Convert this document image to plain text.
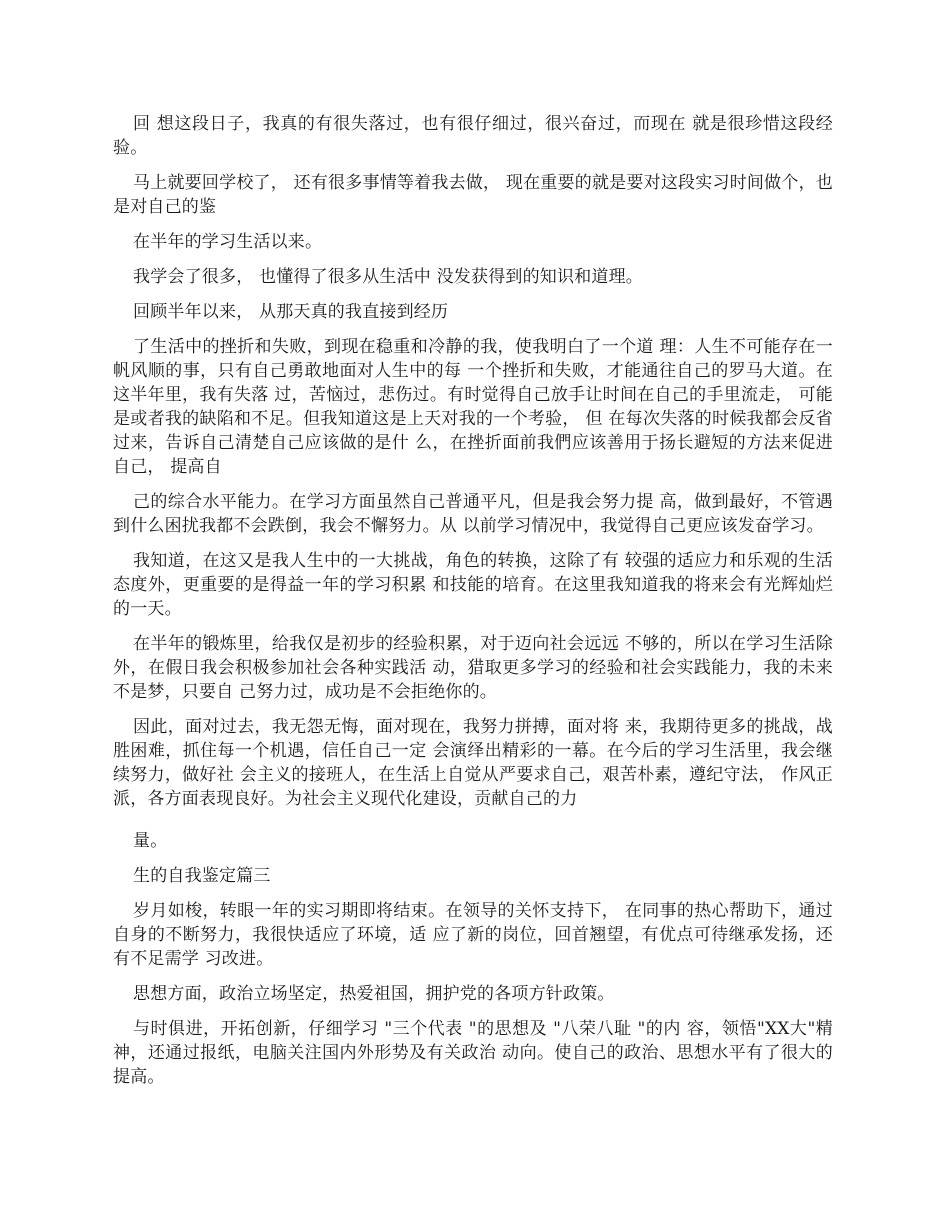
回 想这段日子，我真的有很失落过，也有很仔细过，很兴奋过，而现在 就是很珍惜这段经验。

马上就要回学校了， 还有很多事情等着我去做， 现在重要的就是要对这段实习时间做个，也是对自己的鉴

在半年的学习生活以来。

我学会了很多， 也懂得了很多从生活中 没发获得到的知识和道理。

回顾半年以来， 从那天真的我直接到经历

了生活中的挫折和失败，到现在稳重和冷静的我，使我明白了一个道 理：人生不可能存在一帆风顺的事，只有自己勇敢地面对人生中的每 一个挫折和失败，才能通往自己的罗马大道。在这半年里，我有失落 过，苦恼过，悲伤过。有时觉得自己放手让时间在自己的手里流走， 可能是或者我的缺陷和不足。但我知道这是上天对我的一个考验， 但 在每次失落的时候我都会反省过来，告诉自己清楚自己应该做的是什 么，在挫折面前我們应该善用于扬长避短的方法来促进自己， 提高自

己的综合水平能力。在学习方面虽然自己普通平凡，但是我会努力提 高，做到最好，不管遇到什么困扰我都不会跌倒，我会不懈努力。从 以前学习情况中，我觉得自己更应该发奋学习。

我知道，在这又是我人生中的一大挑战，角色的转换，这除了有 较强的适应力和乐观的生活态度外，更重要的是得益一年的学习积累 和技能的培育。在这里我知道我的将来会有光辉灿烂的一天。

在半年的锻炼里，给我仅是初步的经验积累，对于迈向社会远远 不够的，所以在学习生活除外，在假日我会积极参加社会各种实践活 动，猎取更多学习的经验和社会实践能力，我的未来不是梦，只要自 己努力过，成功是不会拒绝你的。

因此，面对过去，我无怨无悔，面对现在，我努力拼搏，面对将 来，我期待更多的挑战，战胜困难，抓住每一个机遇，信任自己一定 会演绎出精彩的一幕。在今后的学习生活里，我会继续努力，做好社 会主义的接班人，在生活上自觉从严要求自己，艰苦朴素，遵纪守法， 作风正派，各方面表现良好。为社会主义现代化建设，贡献自己的力

量。

生的自我鉴定篇三

岁月如梭，转眼一年的实习期即将结束。在领导的关怀支持下， 在同事的热心帮助下，通过自身的不断努力，我很快适应了环境，适 应了新的岗位，回首翘望，有优点可待继承发扬，还有不足需学 习改进。

思想方面，政治立场坚定，热爱祖国，拥护党的各项方针政策。

与时俱进，开拓创新，仔细学习 "三个代表 "的思想及 "八荣八耻 "的内 容，领悟"XX大"精神，还通过报纸，电脑关注国内外形势及有关政治 动向。使自己的政治、思想水平有了很大的提高。
